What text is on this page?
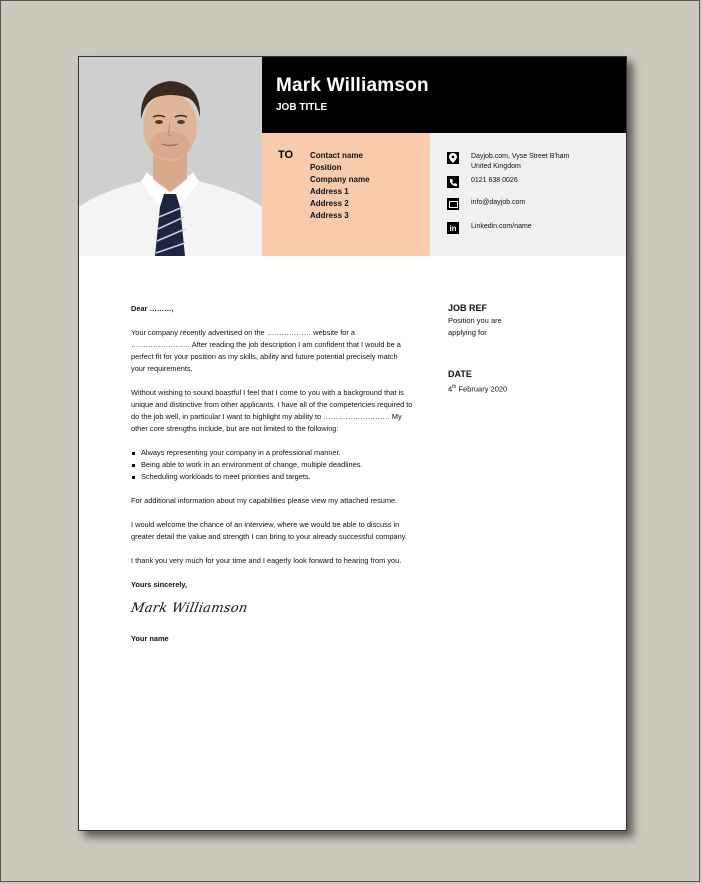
Mark Williamson
JOB TITLE
TO Contact name
Position
Company name
Address 1
Address 2
Address 3
Dayjob.com, Vyse Street B'ham
United Kingdom
0121 638 0026
info@dayjob.com
in	Linkedin.com/name

Dear ………,

Your company recently advertised on the ……………… website for a …………………… After reading the job description I am confident that I would be a perfect fit for your position as my skills, ability and future potential precisely match your requirements.

Without wishing to sound boastful I feel that I come to you with a background that is unique and distinctive from other applicants. I have all of the competencies required to do the job well, in particular I want to highlight my ability to ……………………… My other core strengths include, but are not limited to the following:

Always representing your company in a professional manner.
Being able to work in an environment of change, multiple deadlines.
Scheduling workloads to meet priorities and targets.

For additional information about my capabilities please view my attached resume.

I would welcome the chance of an interview, where we would be able to discuss in greater detail the value and strength I can bring to your already successful company.

I thank you very much for your time and I eagerly look forward to hearing from you.

Yours sincerely,

Mark Williamson

Your name

JOB REF
Position you are applying for
DATE
4th February 2020
